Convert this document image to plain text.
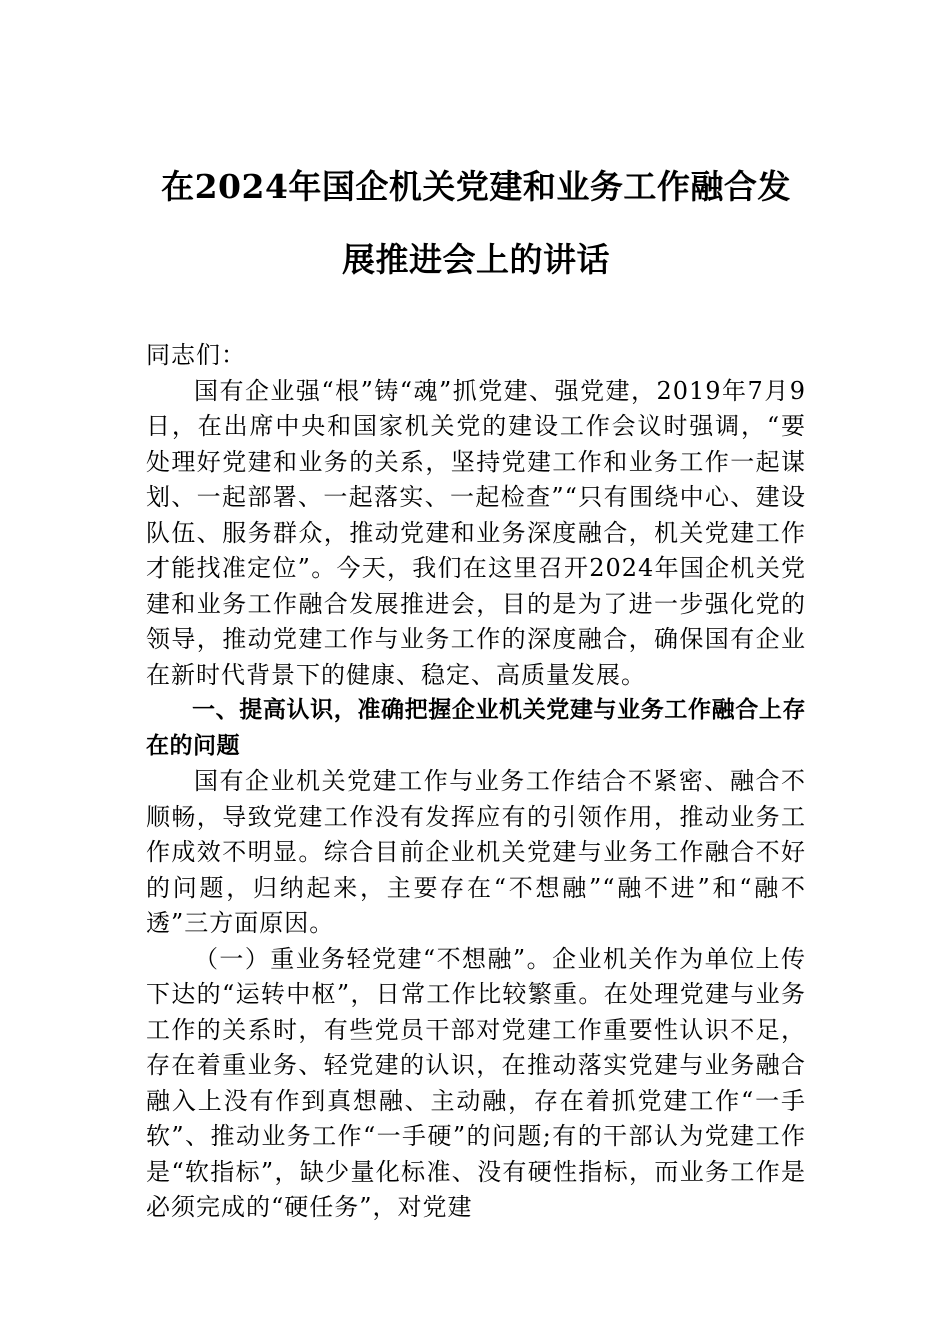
在2024年国企机关党建和业务工作融合发展推进会上的讲话

同志们：

国有企业强“根”铸“魂”抓党建、强党建，2019年7月9日，在出席中央和国家机关党的建设工作会议时强调，“要处理好党建和业务的关系，坚持党建工作和业务工作一起谋划、一起部署、一起落实、一起检查”“只有围绕中心、建设队伍、服务群众，推动党建和业务深度融合，机关党建工作才能找准定位”。今天，我们在这里召开2024年国企机关党建和业务工作融合发展推进会，目的是为了进一步强化党的领导，推动党建工作与业务工作的深度融合，确保国有企业在新时代背景下的健康、稳定、高质量发展。

一、提高认识，准确把握企业机关党建与业务工作融合上存在的问题

国有企业机关党建工作与业务工作结合不紧密、融合不顺畅，导致党建工作没有发挥应有的引领作用，推动业务工作成效不明显。综合目前企业机关党建与业务工作融合不好的问题，归纳起来，主要存在“不想融”“融不进”和“融不透”三方面原因。

（一）重业务轻党建“不想融”。企业机关作为单位上传下达的“运转中枢”，日常工作比较繁重。在处理党建与业务工作的关系时，有些党员干部对党建工作重要性认识不足，存在着重业务、轻党建的认识，在推动落实党建与业务融合融入上没有作到真想融、主动融，存在着抓党建工作“一手软”、推动业务工作“一手硬”的问题;有的干部认为党建工作是“软指标”，缺少量化标准、没有硬性指标，而业务工作是必须完成的“硬任务”，对党建
